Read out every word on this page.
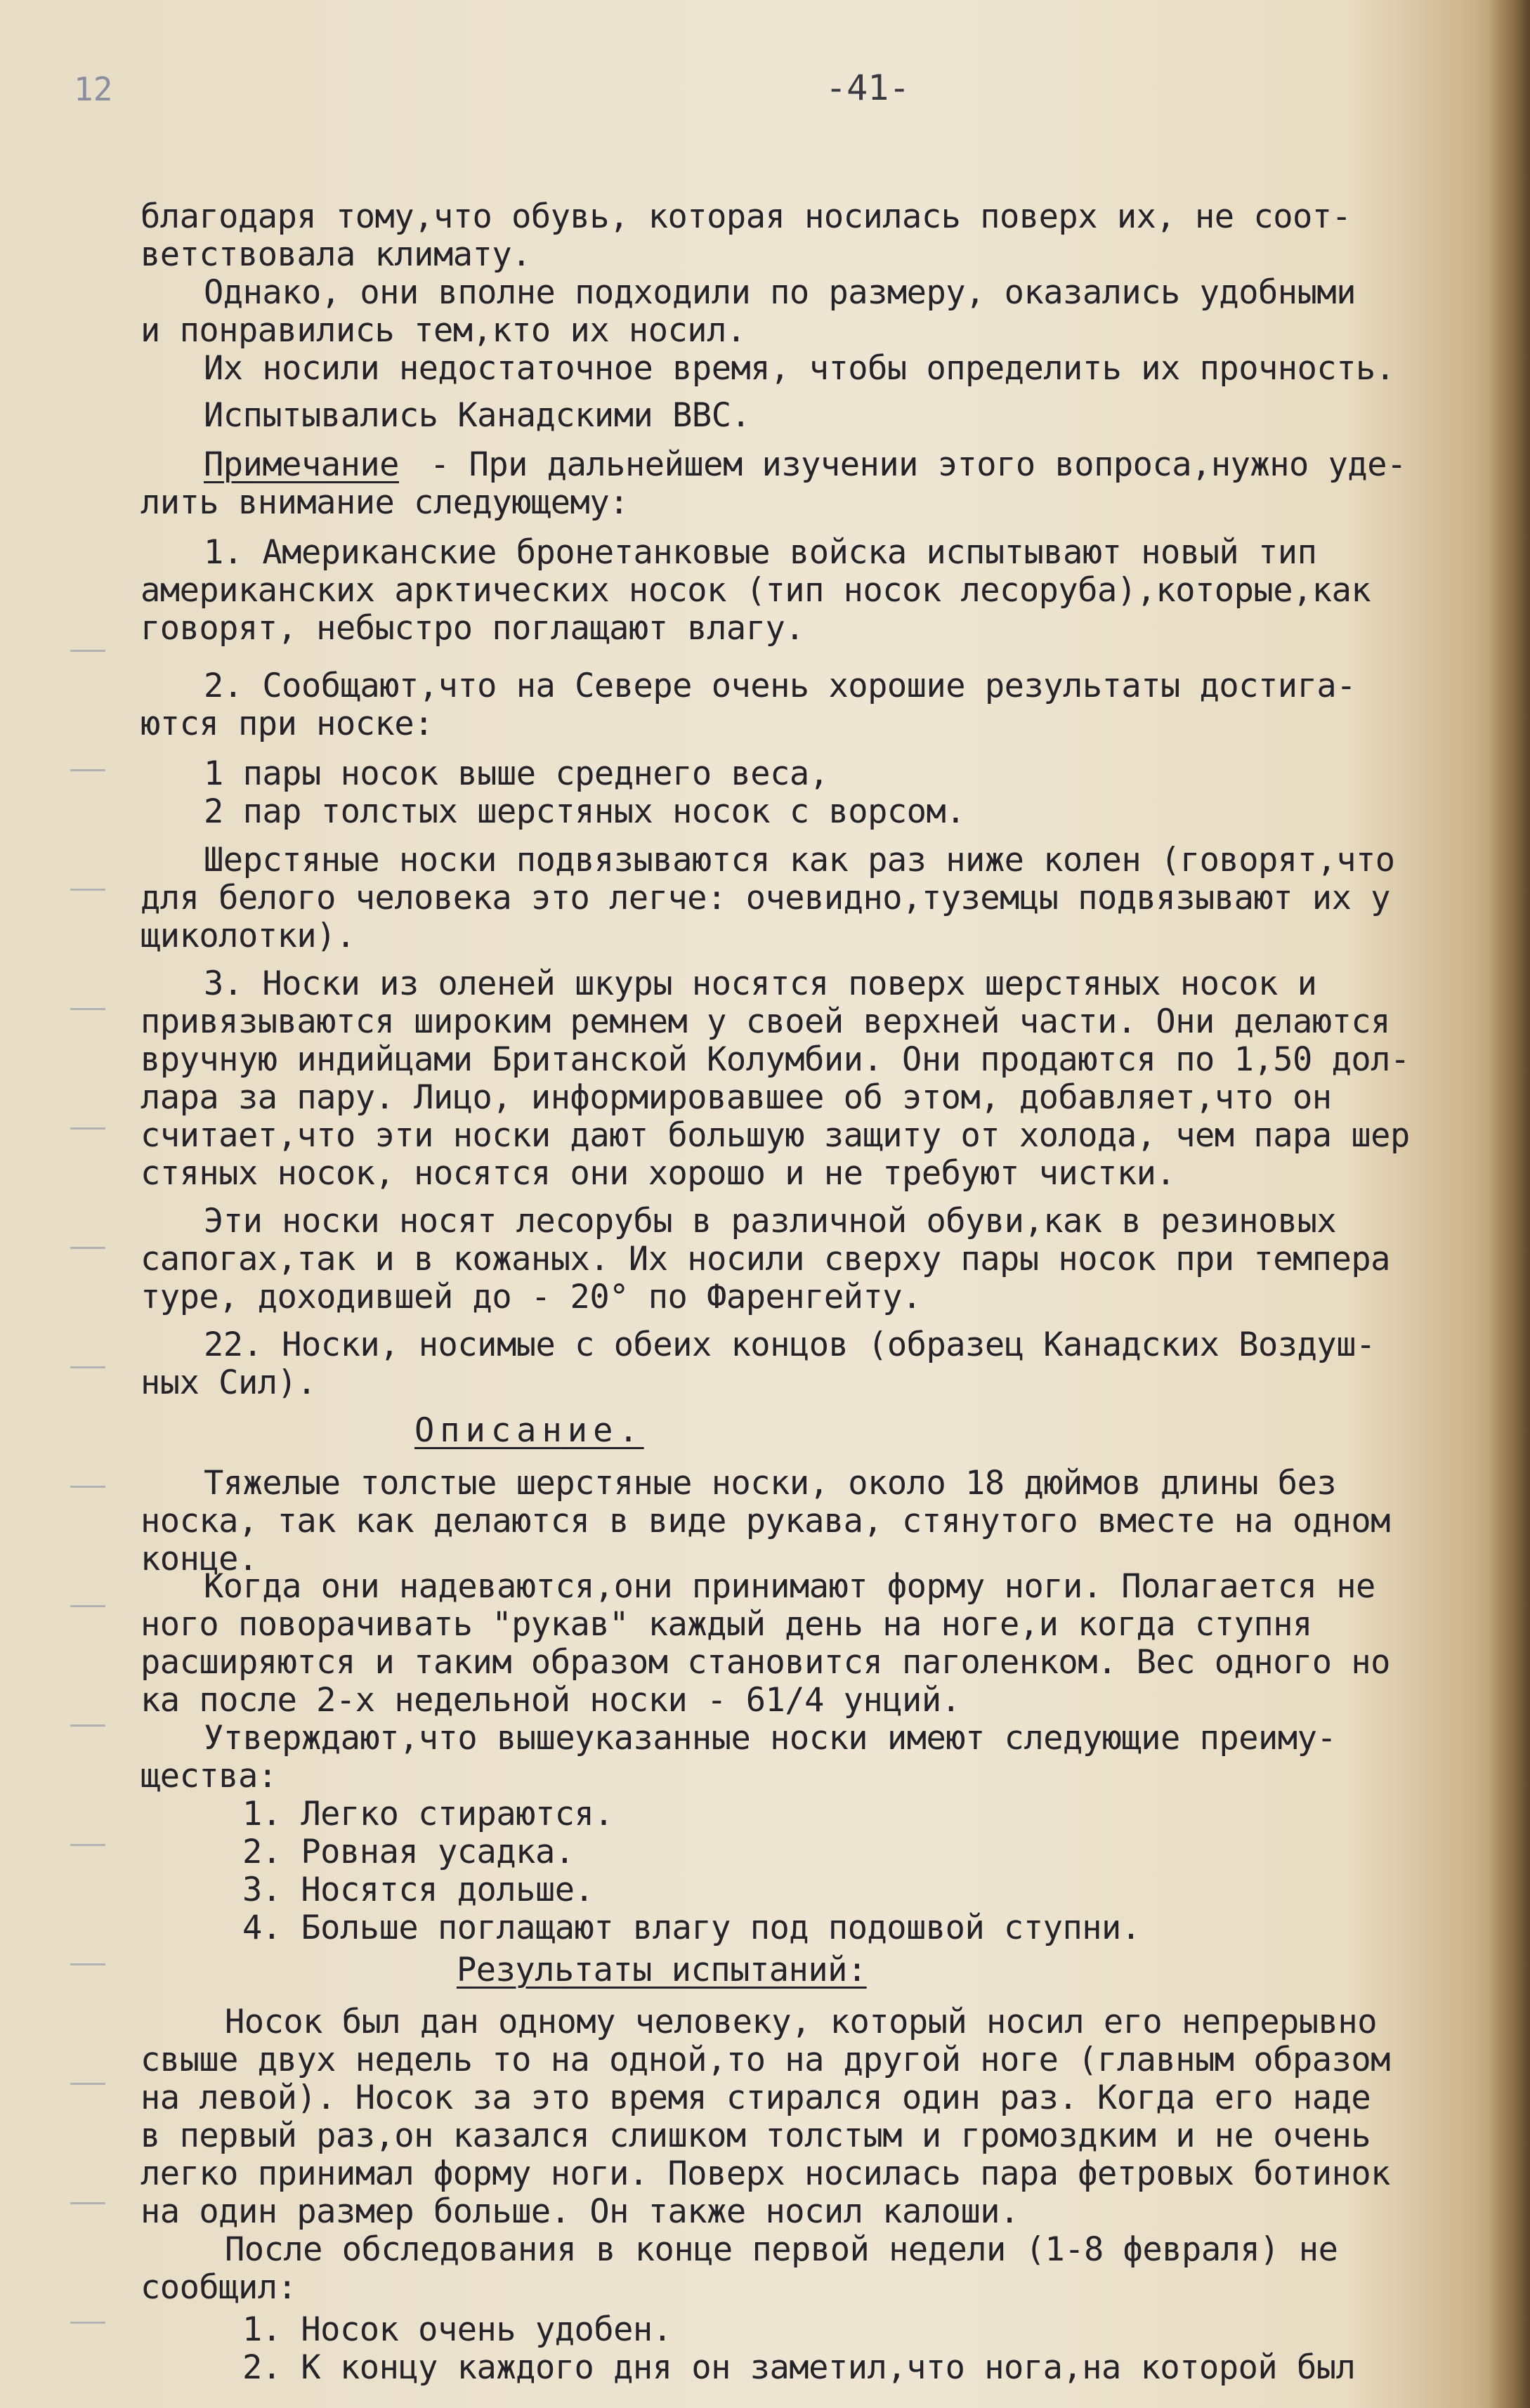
12	-41-
благодаря тому,что обувь, которая носилась поверх их, не соот-
ветствовала климату.
Однако, они вполне подходили по размеру, оказались удобными
и понравились тем,кто их носил.
Их носили недостаточное время, чтобы определить их прочность.
Испытывались Канадскими ВВС.
Примечание - При дальнейшем изучении этого вопроса,нужно уде-
лить внимание следующему:
1. Американские бронетанковые войска испытывают новый тип
американских арктических носок (тип носок лесоруба),которые,как
говорят, небыстро поглащают влагу.
2. Сообщают,что на Севере очень хорошие результаты достига-
ются при носке:
1 пары носок выше среднего веса,
2 пар толстых шерстяных носок с ворсом.
Шерстяные носки подвязываются как раз ниже колен (говорят,что
для белого человека это легче: очевидно,туземцы подвязывают их у
щиколотки).
3. Носки из оленей шкуры носятся поверх шерстяных носок и
привязываются широким ремнем у своей верхней части. Они делаются
вручную индийцами Британской Колумбии. Они продаются по 1,50 дол-
лара за пару. Лицо, информировавшее об этом, добавляет,что он
считает,что эти носки дают большую защиту от холода, чем пара шер
стяных носок, носятся они хорошо и не требуют чистки.
Эти носки носят лесорубы в различной обуви,как в резиновых
сапогах,так и в кожаных. Их носили сверху пары носок при темпера
туре, доходившей до - 20° по Фаренгейту.
22. Носки, носимые с обеих концов (образец Канадских Воздуш-
ных Сил).
Описание.
Тяжелые толстые шерстяные носки, около 18 дюймов длины без
носка, так как делаются в виде рукава, стянутого вместе на одном
конце.
Когда они надеваются,они принимают форму ноги. Полагается не
ного поворачивать "рукав" каждый день на ноге,и когда ступня
расширяются и таким образом становится паголенком. Вес одного но
ка после 2-х недельной носки - 61/4 унций.
Утверждают,что вышеуказанные носки имеют следующие преиму-
щества:
1. Легко стираются.
2. Ровная усадка.
3. Носятся дольше.
4. Больше поглащают влагу под подошвой ступни.
Результаты испытаний:
Носок был дан одному человеку, который носил его непрерывно
свыше двух недель то на одной,то на другой ноге (главным образом
на левой). Носок за это время стирался один раз. Когда его наде
в первый раз,он казался слишком толстым и громоздким и не очень
легко принимал форму ноги. Поверх носилась пара фетровых ботинок
на один размер больше. Он также носил калоши.
После обследования в конце первой недели (1-8 февраля) не
сообщил:
1. Носок очень удобен.
2. К концу каждого дня он заметил,что нога,на которой был
